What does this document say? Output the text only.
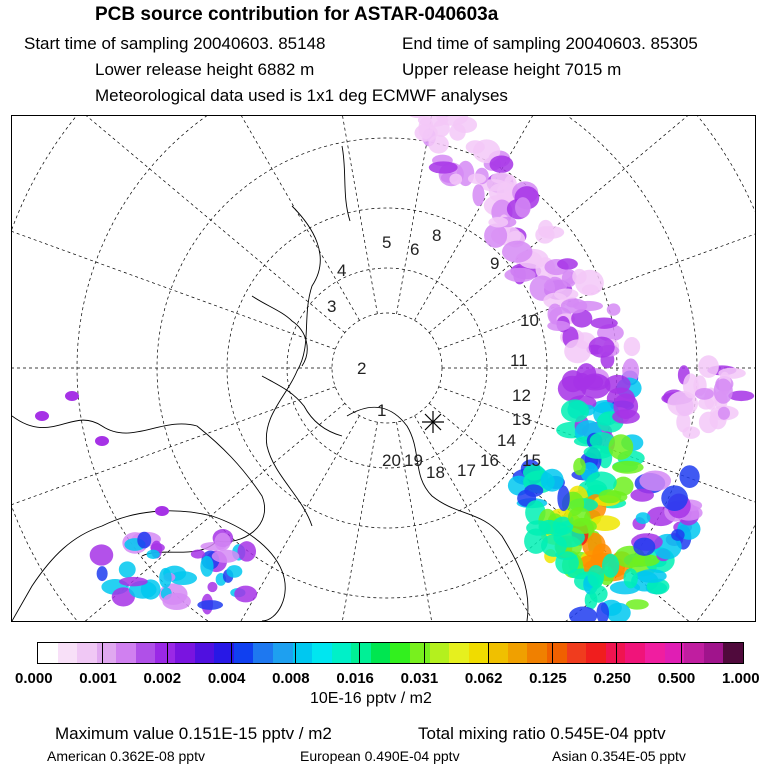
PCB source contribution for ASTAR-040603a
Start time of sampling 20040603. 85148	End time of sampling 20040603. 85305
Lower release height 6882 m	Upper release height 7015 m
Meteorological data used is 1x1 deg ECMWF analyses
1
2
3
4
5 6
8
9
10
11
12
13
14
15
16
17
18
19
20
0.000 0.001 0.002 0.004 0.008 0.016 0.031 0.062 0.125 0.250 0.500 1.000
10E-16 pptv / m2
Maximum value 0.151E-15 pptv / m2	Total mixing ratio 0.545E-04 pptv
American 0.362E-08 pptv	European 0.490E-04 pptv	Asian 0.354E-05 pptv
